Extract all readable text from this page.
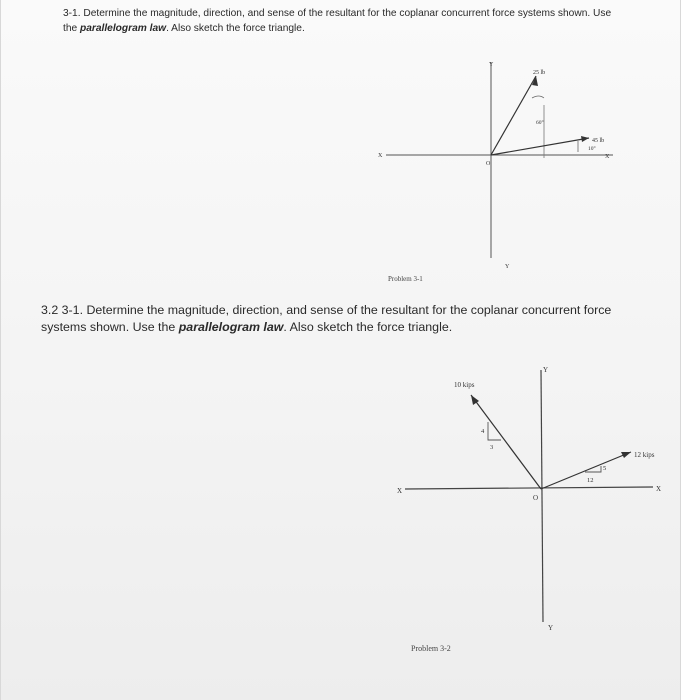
3-1. Determine the magnitude, direction, and sense of the resultant for the coplanar concurrent force systems shown. Use the parallelogram law. Also sketch the force triangle.
Y
Y
X	X
O
25 lb
60°
45 lb
10°
Problem 3-1
3.2 3-1. Determine the magnitude, direction, and sense of the resultant for the coplanar concurrent force systems shown. Use the parallelogram law. Also sketch the force triangle.
Y
Y
X	X
O
10 kips
4
3
12 kips
5
12
Problem 3-2
